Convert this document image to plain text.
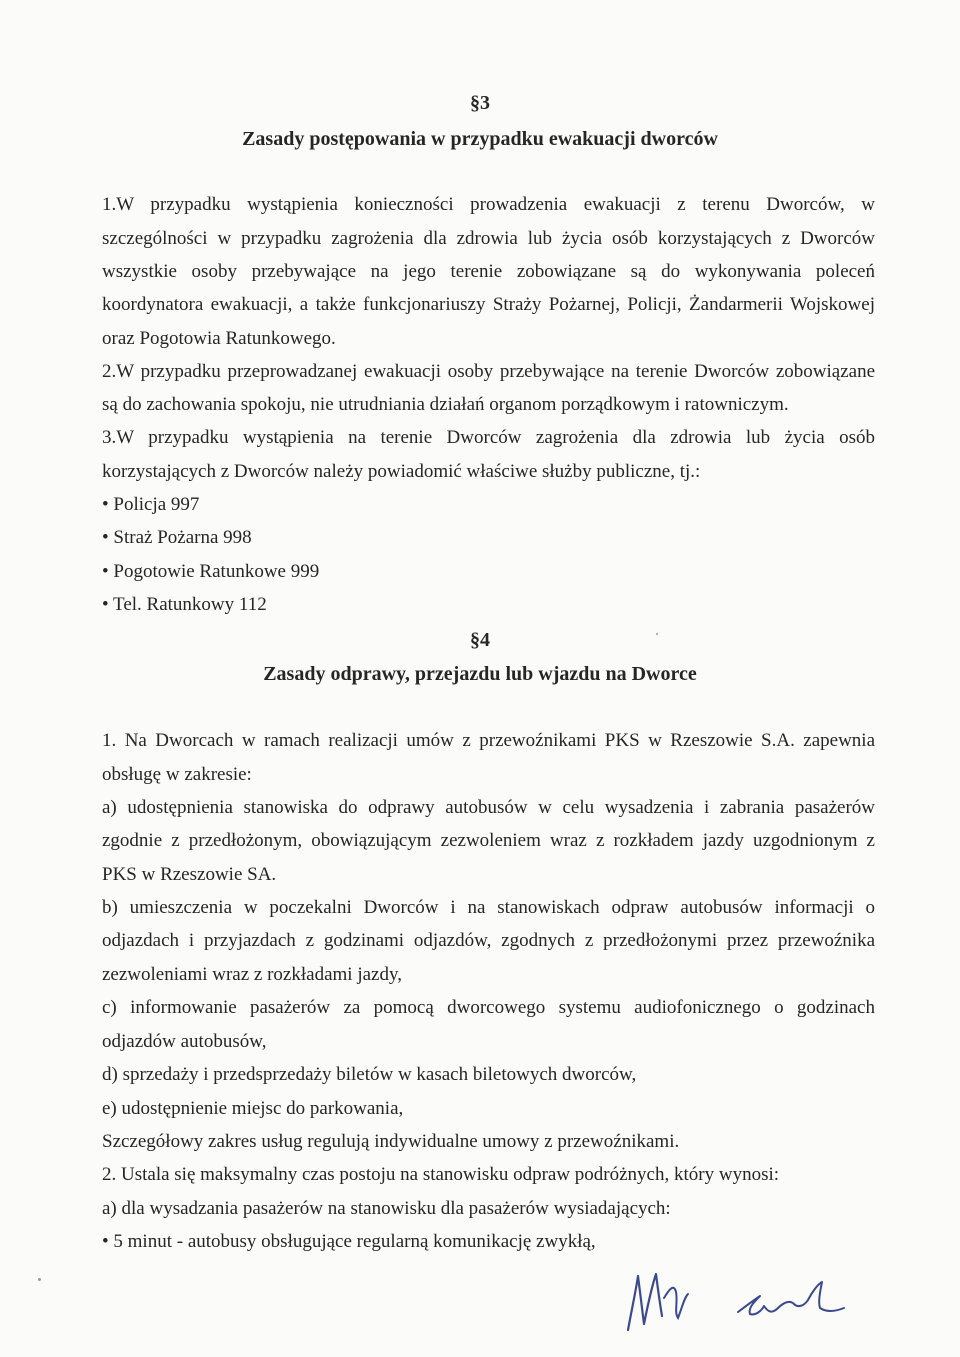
§3
Zasady postępowania w przypadku ewakuacji dworców
1.W przypadku wystąpienia konieczności prowadzenia ewakuacji z terenu Dworców, w
szczególności w przypadku zagrożenia dla zdrowia lub życia osób korzystających z Dworców
wszystkie osoby przebywające na jego terenie zobowiązane są do wykonywania poleceń
koordynatora ewakuacji, a także funkcjonariuszy Straży Pożarnej, Policji, Żandarmerii Wojskowej
oraz Pogotowia Ratunkowego.
2.W przypadku przeprowadzanej ewakuacji osoby przebywające na terenie Dworców zobowiązane
są do zachowania spokoju, nie utrudniania działań organom porządkowym i ratowniczym.
3.W przypadku wystąpienia na terenie Dworców zagrożenia dla zdrowia lub życia osób
korzystających z Dworców należy powiadomić właściwe służby publiczne, tj.:
• Policja 997
• Straż Pożarna 998
• Pogotowie Ratunkowe 999
• Tel. Ratunkowy 112
§4
Zasady odprawy, przejazdu lub wjazdu na Dworce
1. Na Dworcach w ramach realizacji umów z przewoźnikami PKS w Rzeszowie S.A. zapewnia
obsługę w zakresie:
a) udostępnienia stanowiska do odprawy autobusów w celu wysadzenia i zabrania pasażerów
zgodnie z przedłożonym, obowiązującym zezwoleniem wraz z rozkładem jazdy uzgodnionym z
PKS w Rzeszowie SA.
b) umieszczenia w poczekalni Dworców i na stanowiskach odpraw autobusów informacji o
odjazdach i przyjazdach z godzinami odjazdów, zgodnych z przedłożonymi przez przewoźnika
zezwoleniami wraz z rozkładami jazdy,
c) informowanie pasażerów za pomocą dworcowego systemu audiofonicznego o godzinach
odjazdów autobusów,
d) sprzedaży i przedsprzedaży biletów w kasach biletowych dworców,
e) udostępnienie miejsc do parkowania,
Szczegółowy zakres usług regulują indywidualne umowy z przewoźnikami.
2. Ustala się maksymalny czas postoju na stanowisku odpraw podróżnych, który wynosi:
a) dla wysadzania pasażerów na stanowisku dla pasażerów wysiadających:
• 5 minut - autobusy obsługujące regularną komunikację zwykłą,
